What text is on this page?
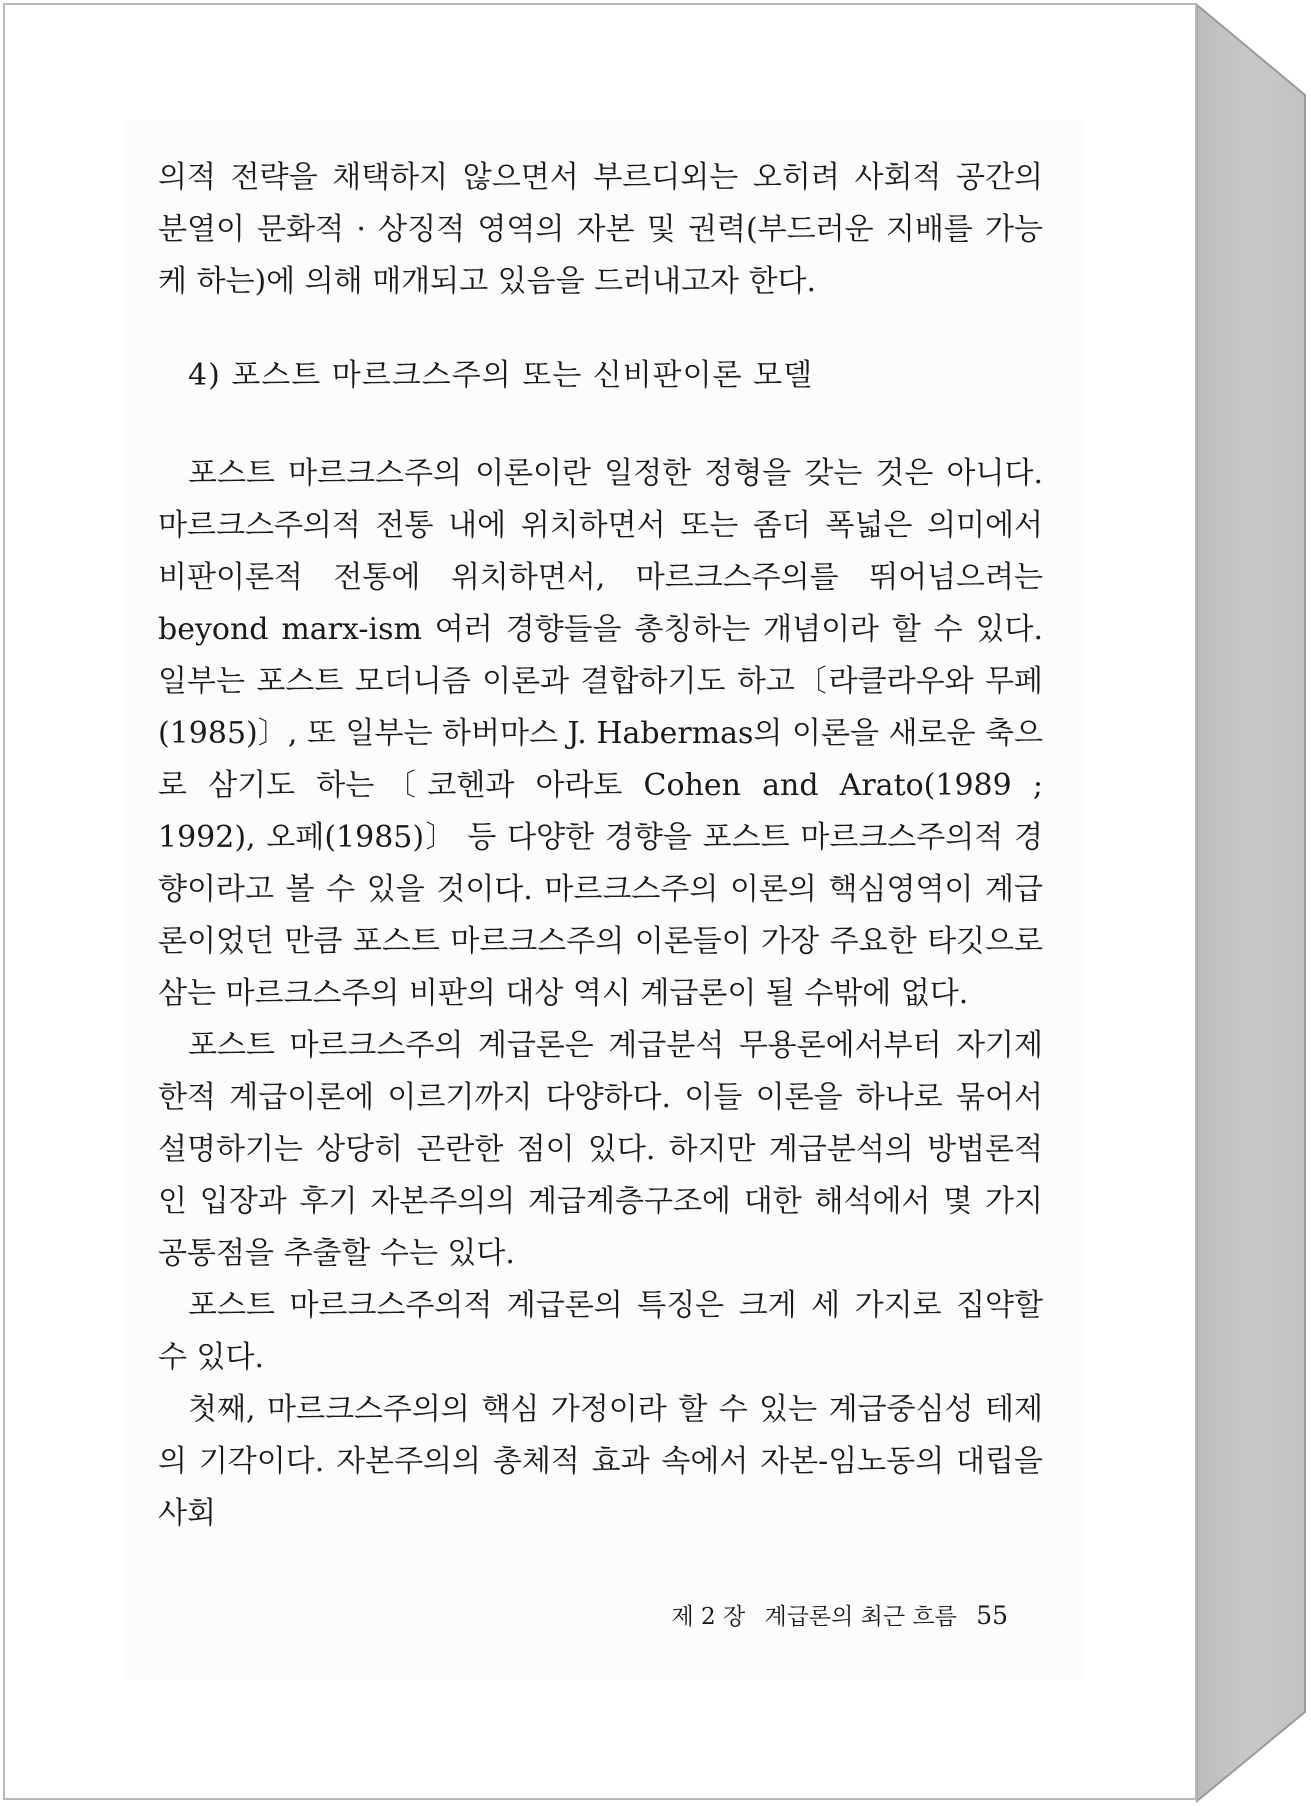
의적 전략을 채택하지 않으면서 부르디외는 오히려 사회적 공간의 분열이 문화적 · 상징적 영역의 자본 및 권력(부드러운 지배를 가능케 하는)에 의해 매개되고 있음을 드러내고자 한다.

4) 포스트 마르크스주의 또는 신비판이론 모델

포스트 마르크스주의 이론이란 일정한 정형을 갖는 것은 아니다. 마르크스주의적 전통 내에 위치하면서 또는 좀더 폭넓은 의미에서 비판이론적 전통에 위치하면서, 마르크스주의를 뛰어넘으려는 beyond marx-ism 여러 경향들을 총칭하는 개념이라 할 수 있다. 일부는 포스트 모더니즘 이론과 결합하기도 하고〔라클라우와 무페(1985)〕, 또 일부는 하버마스 J. Habermas의 이론을 새로운 축으로 삼기도 하는〔코헨과 아라토 Cohen and Arato(1989 ; 1992), 오페(1985)〕 등 다양한 경향을 포스트 마르크스주의적 경향이라고 볼 수 있을 것이다. 마르크스주의 이론의 핵심영역이 계급론이었던 만큼 포스트 마르크스주의 이론들이 가장 주요한 타깃으로 삼는 마르크스주의 비판의 대상 역시 계급론이 될 수밖에 없다.

포스트 마르크스주의 계급론은 계급분석 무용론에서부터 자기제한적 계급이론에 이르기까지 다양하다. 이들 이론을 하나로 묶어서 설명하기는 상당히 곤란한 점이 있다. 하지만 계급분석의 방법론적인 입장과 후기 자본주의의 계급계층구조에 대한 해석에서 몇 가지 공통점을 추출할 수는 있다.

포스트 마르크스주의적 계급론의 특징은 크게 세 가지로 집약할 수 있다.

첫째, 마르크스주의의 핵심 가정이라 할 수 있는 계급중심성 테제의 기각이다. 자본주의의 총체적 효과 속에서 자본-임노동의 대립을 사회

제 2 장 계급론의 최근 흐름 55
